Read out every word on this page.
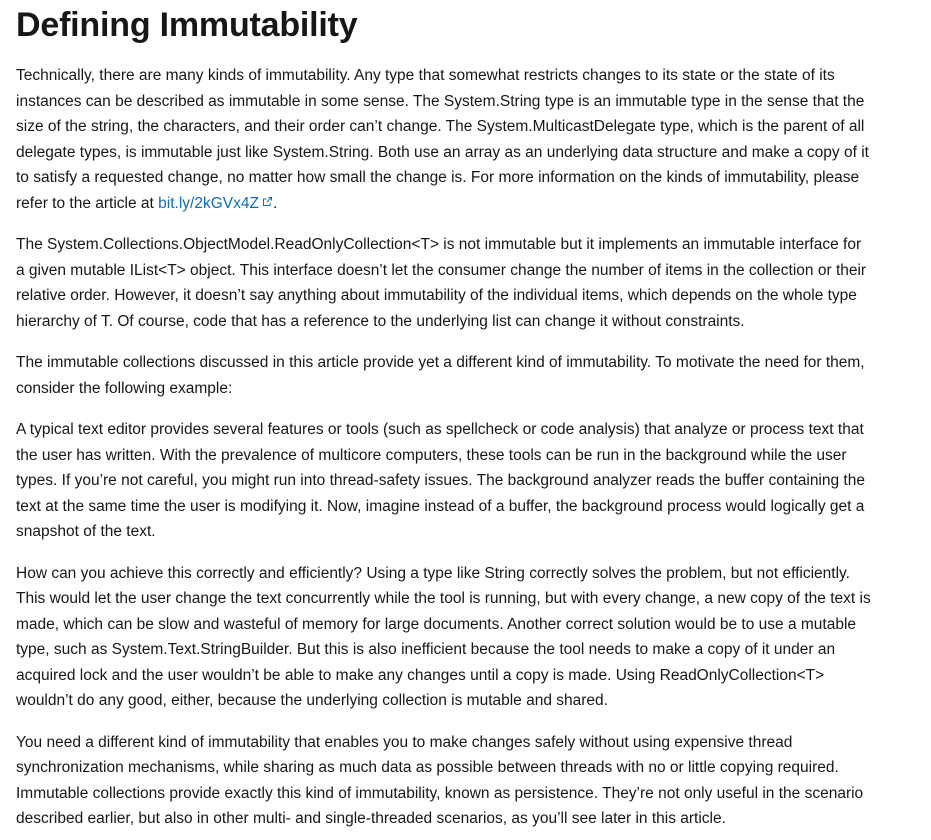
Defining Immutability

Technically, there are many kinds of immutability. Any type that somewhat restricts changes to its state or the state of its instances can be described as immutable in some sense. The System.String type is an immutable type in the sense that the size of the string, the characters, and their order can’t change. The System.MulticastDelegate type, which is the parent of all delegate types, is immutable just like System.String. Both use an array as an underlying data structure and make a copy of it to satisfy a requested change, no matter how small the change is. For more information on the kinds of immutability, please refer to the article at bit.ly/2kGVx4Z .

The System.Collections.ObjectModel.ReadOnlyCollection<T> is not immutable but it implements an immutable interface for a given mutable IList<T> object. This interface doesn’t let the consumer change the number of items in the collection or their relative order. However, it doesn’t say anything about immutability of the individual items, which depends on the whole type hierarchy of T. Of course, code that has a reference to the underlying list can change it without constraints.

The immutable collections discussed in this article provide yet a different kind of immutability. To motivate the need for them, consider the following example:

A typical text editor provides several features or tools (such as spellcheck or code analysis) that analyze or process text that the user has written. With the prevalence of multicore computers, these tools can be run in the background while the user types. If you’re not careful, you might run into thread-safety issues. The background analyzer reads the buffer containing the text at the same time the user is modifying it. Now, imagine instead of a buffer, the background process would logically get a snapshot of the text.

How can you achieve this correctly and efficiently? Using a type like String correctly solves the problem, but not efficiently. This would let the user change the text concurrently while the tool is running, but with every change, a new copy of the text is made, which can be slow and wasteful of memory for large documents. Another correct solution would be to use a mutable type, such as System.Text.StringBuilder. But this is also inefficient because the tool needs to make a copy of it under an acquired lock and the user wouldn’t be able to make any changes until a copy is made. Using ReadOnlyCollection<T> wouldn’t do any good, either, because the underlying collection is mutable and shared.

You need a different kind of immutability that enables you to make changes safely without using expensive thread synchronization mechanisms, while sharing as much data as possible between threads with no or little copying required. Immutable collections provide exactly this kind of immutability, known as persistence. They’re not only useful in the scenario described earlier, but also in other multi- and single-threaded scenarios, as you’ll see later in this article.
